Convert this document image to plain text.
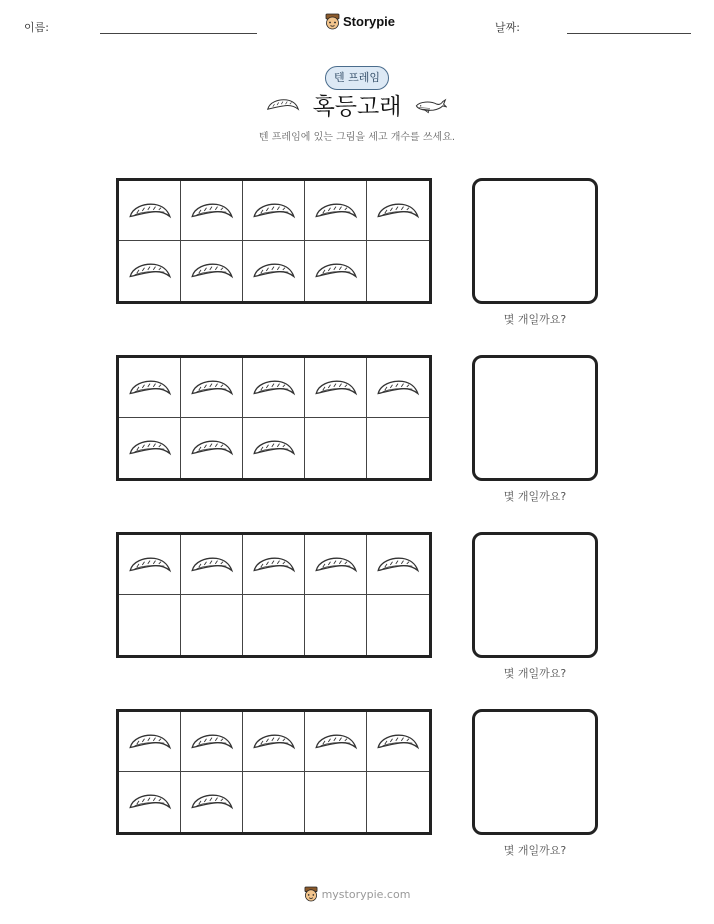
이름:	Storypie	날짜:
텐 프레임
혹등고래
텐 프레임에 있는 그림을 세고 개수를 쓰세요.
몇 개일까요?
몇 개일까요?
몇 개일까요?
몇 개일까요?
mystorypie.com
